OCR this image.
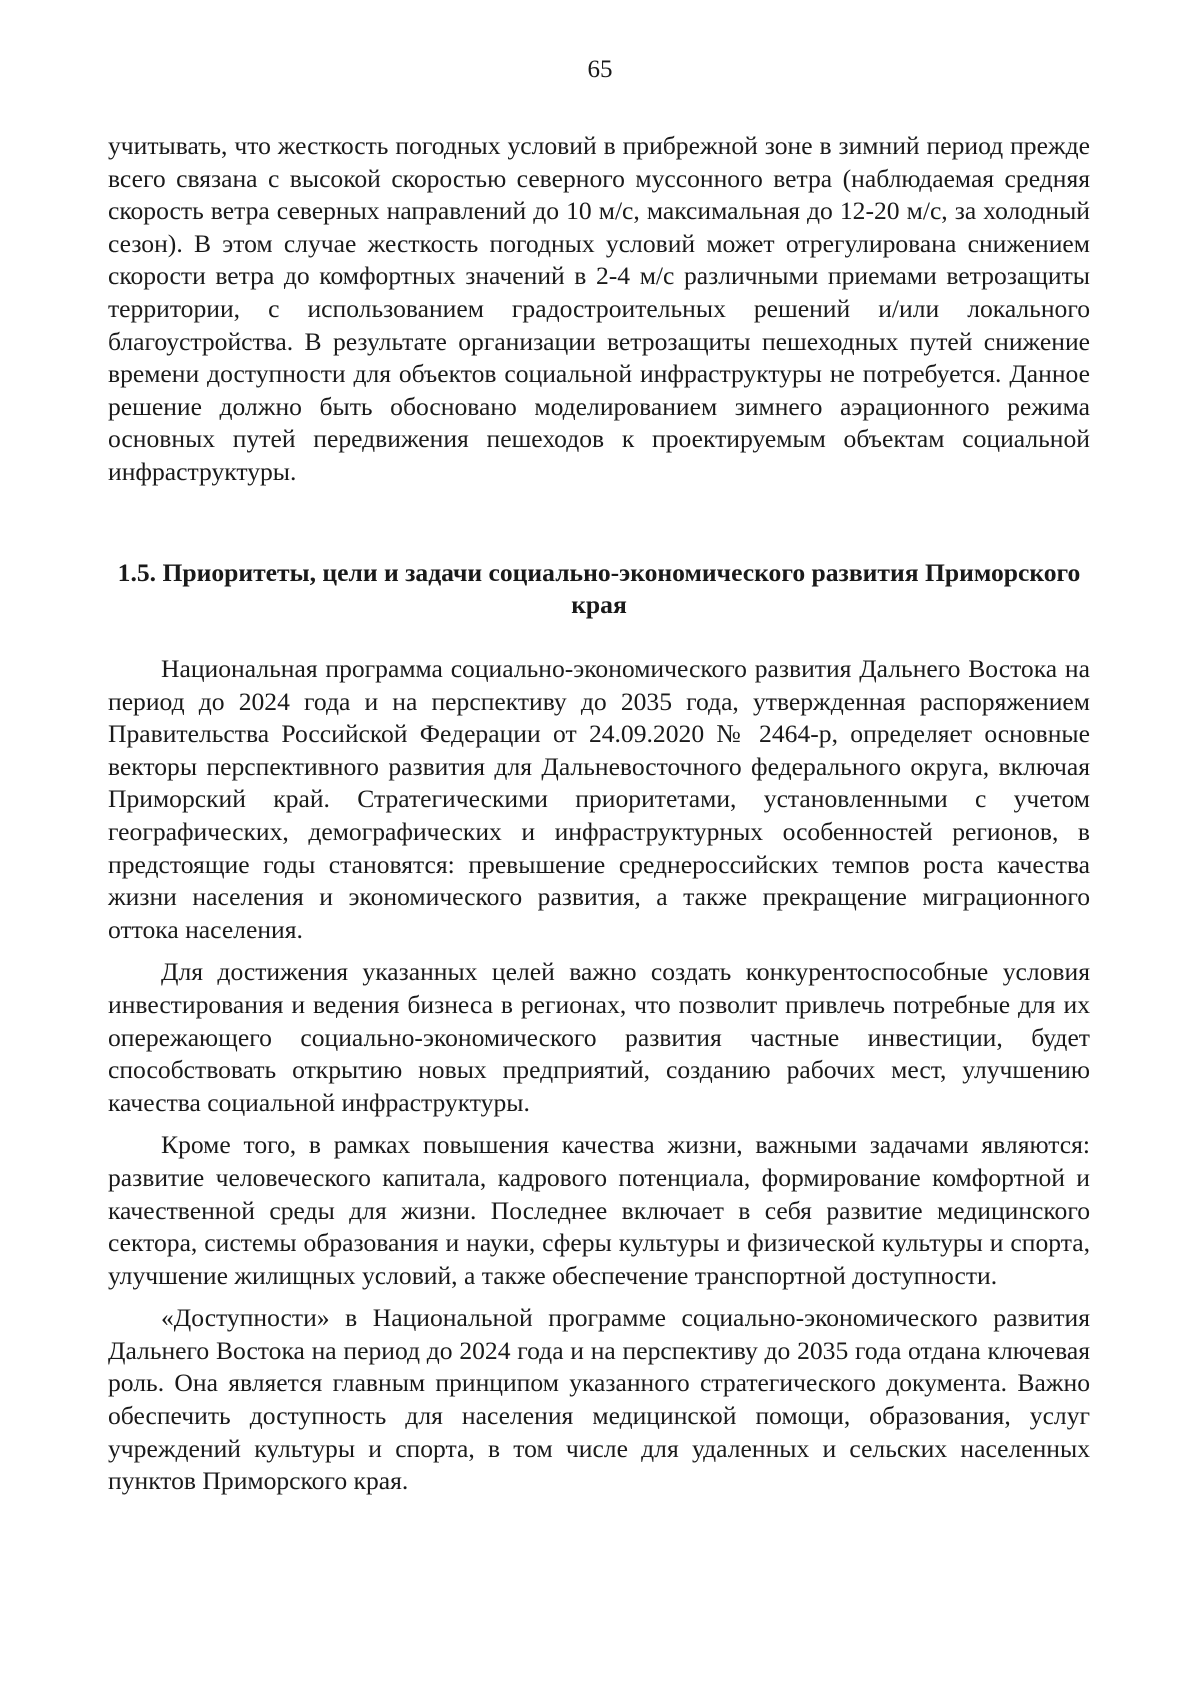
65

учитывать, что жесткость погодных условий в прибрежной зоне в зимний период прежде всего связана с высокой скоростью северного муссонного ветра (наблюдаемая средняя скорость ветра северных направлений до 10 м/с, максимальная до 12-20 м/с, за холодный сезон). В этом случае жесткость погодных условий может отрегулирована снижением скорости ветра до комфортных значений в 2-4 м/с различными приемами ветрозащиты территории, с использованием градостроительных решений и/или локального благоустройства. В результате организации ветрозащиты пешеходных путей снижение времени доступности для объектов социальной инфраструктуры не потребуется. Данное решение должно быть обосновано моделированием зимнего аэрационного режима основных путей передвижения пешеходов к проектируемым объектам социальной инфраструктуры.

1.5. Приоритеты, цели и задачи социально-экономического развития Приморского края

Национальная программа социально-экономического развития Дальнего Востока на период до 2024 года и на перспективу до 2035 года, утвержденная распоряжением Правительства Российской Федерации от 24.09.2020 № 2464-р, определяет основные векторы перспективного развития для Дальневосточного федерального округа, включая Приморский край. Стратегическими приоритетами, установленными с учетом географических, демографических и инфраструктурных особенностей регионов, в предстоящие годы становятся: превышение среднероссийских темпов роста качества жизни населения и экономического развития, а также прекращение миграционного оттока населения.

Для достижения указанных целей важно создать конкурентоспособные условия инвестирования и ведения бизнеса в регионах, что позволит привлечь потребные для их опережающего социально-экономического развития частные инвестиции, будет способствовать открытию новых предприятий, созданию рабочих мест, улучшению качества социальной инфраструктуры.

Кроме того, в рамках повышения качества жизни, важными задачами являются: развитие человеческого капитала, кадрового потенциала, формирование комфортной и качественной среды для жизни. Последнее включает в себя развитие медицинского сектора, системы образования и науки, сферы культуры и физической культуры и спорта, улучшение жилищных условий, а также обеспечение транспортной доступности.

«Доступности» в Национальной программе социально-экономического развития Дальнего Востока на период до 2024 года и на перспективу до 2035 года отдана ключевая роль. Она является главным принципом указанного стратегического документа. Важно обеспечить доступность для населения медицинской помощи, образования, услуг учреждений культуры и спорта, в том числе для удаленных и сельских населенных пунктов Приморского края.
